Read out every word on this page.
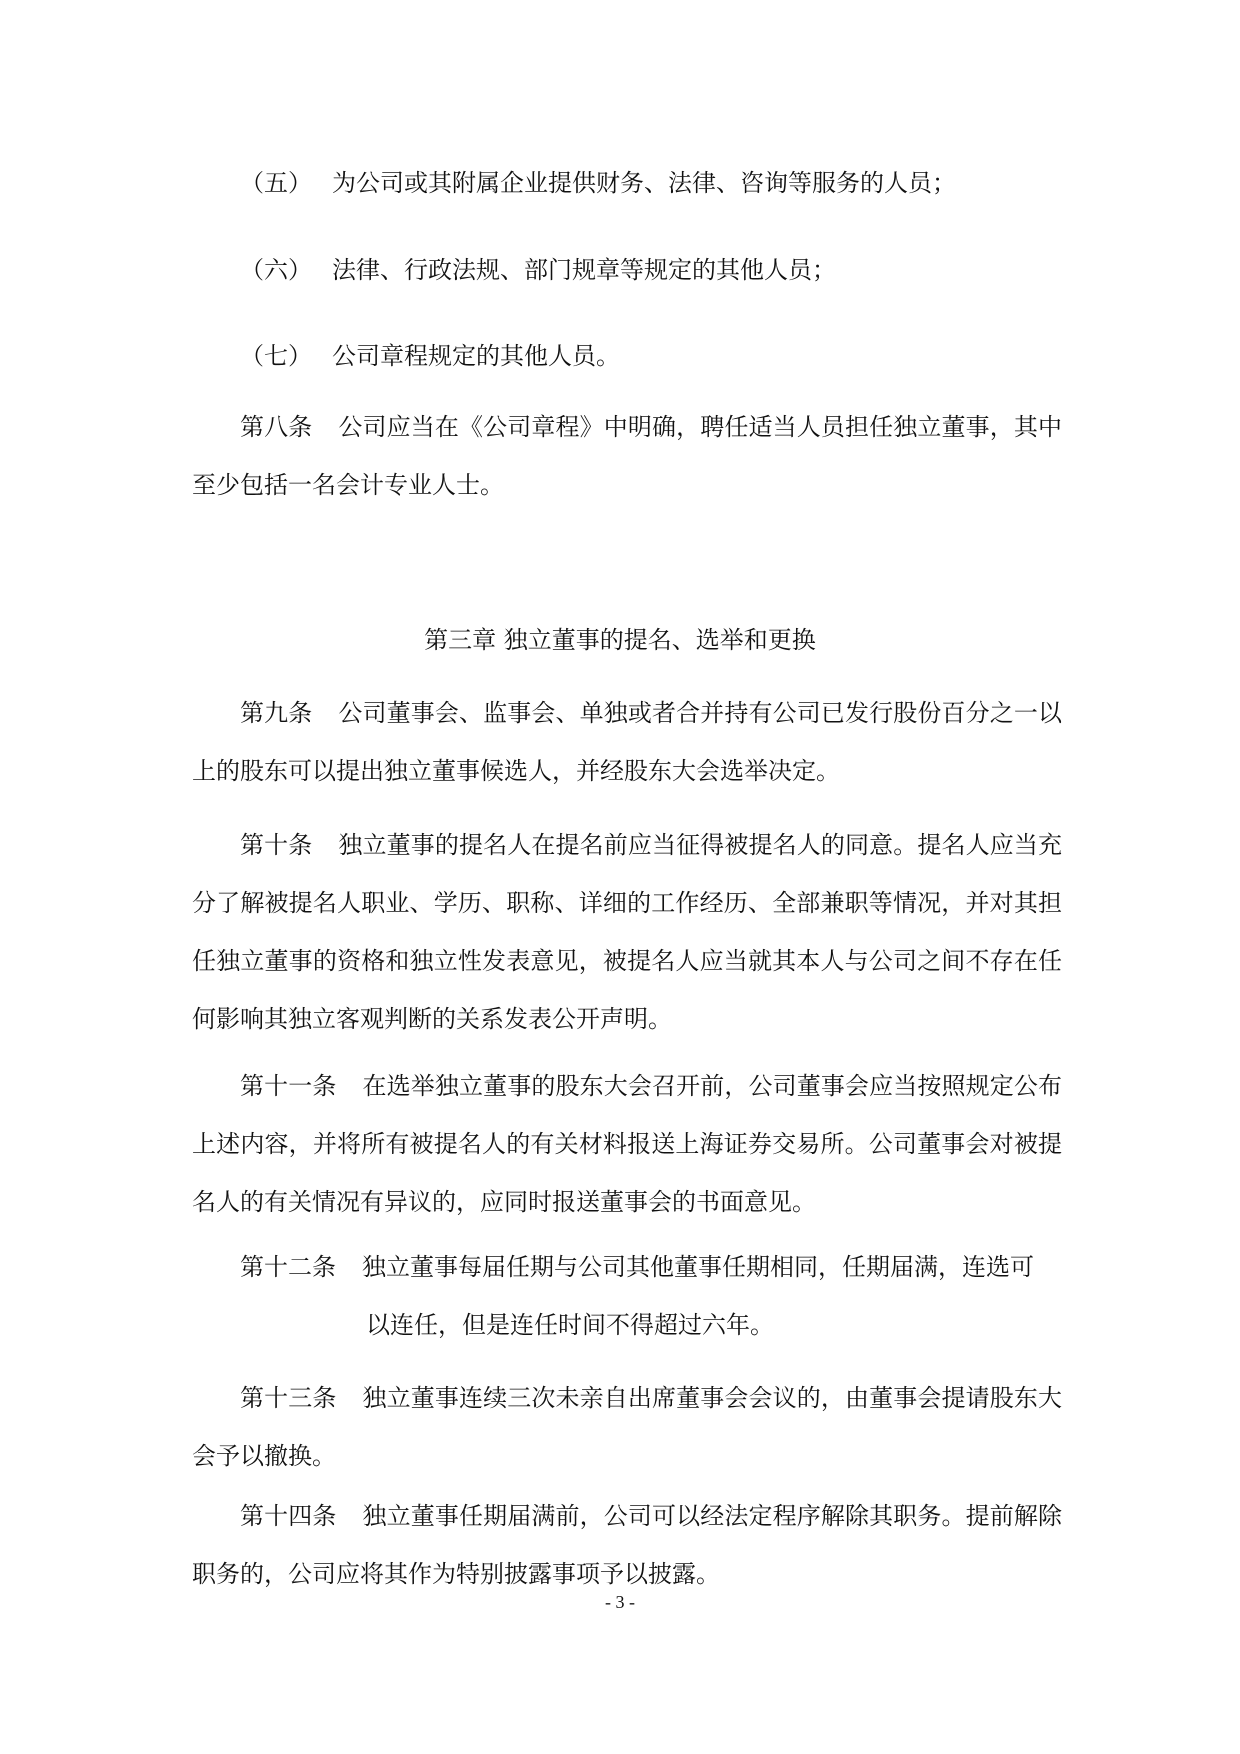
（五） 为公司或其附属企业提供财务、法律、咨询等服务的人员；

（六） 法律、行政法规、部门规章等规定的其他人员；

（七） 公司章程规定的其他人员。

第八条 公司应当在《公司章程》中明确，聘任适当人员担任独立董事，其中至少包括一名会计专业人士。

第三章 独立董事的提名、选举和更换

第九条 公司董事会、监事会、单独或者合并持有公司已发行股份百分之一以上的股东可以提出独立董事候选人，并经股东大会选举决定。

第十条 独立董事的提名人在提名前应当征得被提名人的同意。提名人应当充分了解被提名人职业、学历、职称、详细的工作经历、全部兼职等情况，并对其担任独立董事的资格和独立性发表意见，被提名人应当就其本人与公司之间不存在任何影响其独立客观判断的关系发表公开声明。

第十一条 在选举独立董事的股东大会召开前，公司董事会应当按照规定公布上述内容，并将所有被提名人的有关材料报送上海证券交易所。公司董事会对被提名人的有关情况有异议的，应同时报送董事会的书面意见。

第十二条 独立董事每届任期与公司其他董事任期相同，任期届满，连选可
以连任，但是连任时间不得超过六年。

第十三条 独立董事连续三次未亲自出席董事会会议的，由董事会提请股东大会予以撤换。

第十四条 独立董事任期届满前，公司可以经法定程序解除其职务。提前解除职务的，公司应将其作为特别披露事项予以披露。

- 3 -
